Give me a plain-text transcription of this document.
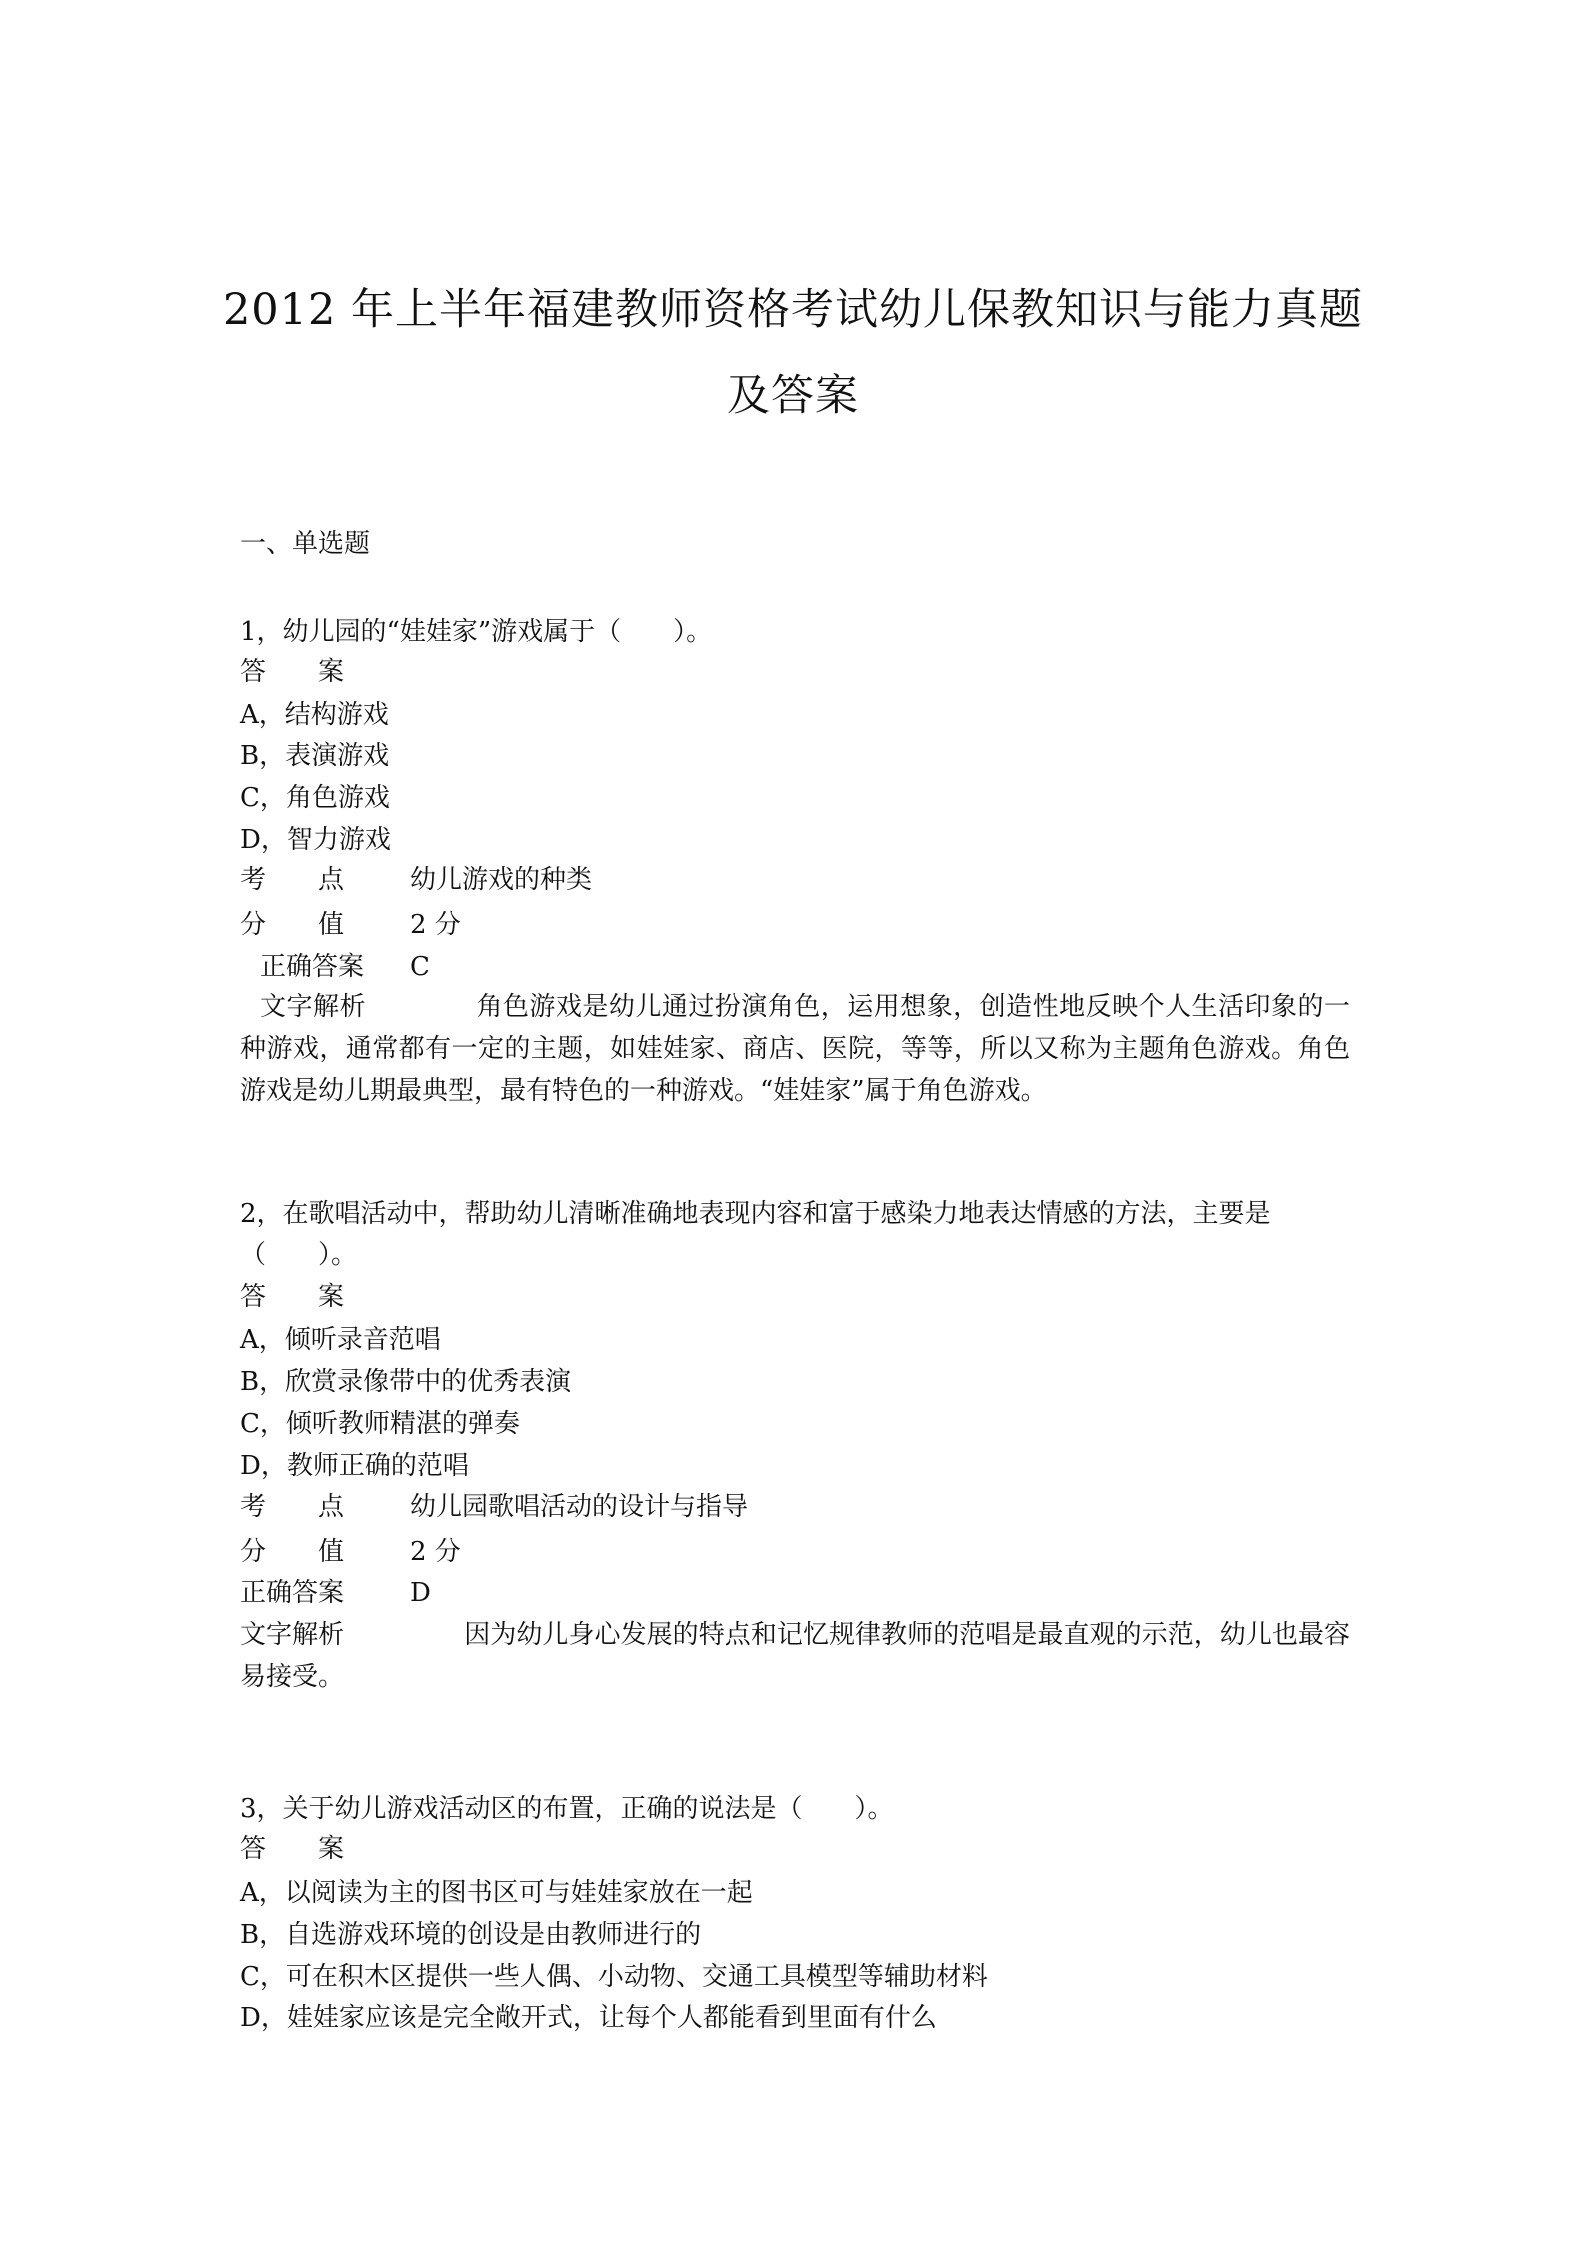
2012 年上半年福建教师资格考试幼儿保教知识与能力真题
及答案
一、单选题
1，幼儿园的“娃娃家”游戏属于（　　）。
答　　案
A，结构游戏
B，表演游戏
C，角色游戏
D，智力游戏
考　　点	幼儿游戏的种类
分　　值	2 分
正确答案 C
文字解析	角色游戏是幼儿通过扮演角色，运用想象，创造性地反映个人生活印象的一种游戏，通常都有一定的主题，如娃娃家、商店、医院，等等，所以又称为主题角色游戏。角色游戏是幼儿期最典型，最有特色的一种游戏。“娃娃家”属于角色游戏。
2，在歌唱活动中，帮助幼儿清晰准确地表现内容和富于感染力地表达情感的方法，主要是
（　　）。
答　　案
A，倾听录音范唱
B，欣赏录像带中的优秀表演
C，倾听教师精湛的弹奏
D，教师正确的范唱
考　　点	幼儿园歌唱活动的设计与指导
分　　值	2 分
正确答案	D
文字解析	因为幼儿身心发展的特点和记忆规律教师的范唱是最直观的示范，幼儿也最容易接受。
3，关于幼儿游戏活动区的布置，正确的说法是（　　）。
答　　案
A，以阅读为主的图书区可与娃娃家放在一起
B，自选游戏环境的创设是由教师进行的
C，可在积木区提供一些人偶、小动物、交通工具模型等辅助材料
D，娃娃家应该是完全敞开式，让每个人都能看到里面有什么
